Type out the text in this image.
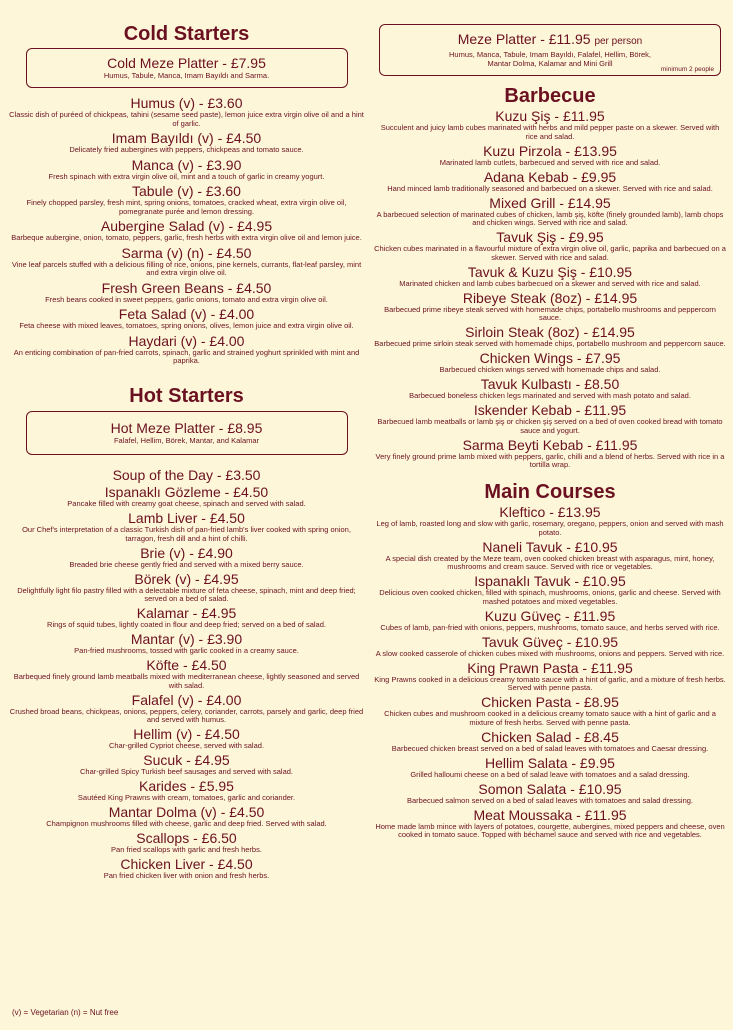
Cold Starters
Cold Meze Platter - £7.95
Humus, Tabule, Manca, Imam Bayıldı and Sarma.
Humus (v) - £3.60
Classic dish of puréed of chickpeas, tahini (sesame seed paste), lemon juice extra virgin olive oil and a hint of garlic.
Imam Bayıldı (v) - £4.50
Delicately fried aubergines with peppers, chickpeas and tomato sauce.
Manca (v) - £3.90
Fresh spinach with extra virgin olive oil, mint and a touch of garlic in creamy yogurt.
Tabule (v) - £3.60
Finely chopped parsley, fresh mint, spring onions, tomatoes, cracked wheat, extra virgin olive oil, pomegranate purée and lemon dressing.
Aubergine Salad (v) - £4.95
Barbeque aubergine, onion, tomato, peppers, garlic, fresh herbs with extra virgin olive oil and lemon juice.
Sarma (v) (n) - £4.50
Vine leaf parcels stuffed with a delicious filling of rice, onions, pine kernels, currants, flat-leaf parsley, mint and extra virgin olive oil.
Fresh Green Beans - £4.50
Fresh beans cooked in sweet peppers, garlic onions, tomato and extra virgin olive oil.
Feta Salad (v) - £4.00
Feta cheese with mixed leaves, tomatoes, spring onions, olives, lemon juice and extra virgin olive oil.
Haydari (v) - £4.00
An enticing combination of pan-fried carrots, spinach, garlic and strained yoghurt sprinkled with mint and paprika.
Hot Starters
Hot Meze Platter - £8.95
Falafel, Hellim, Börek, Mantar, and Kalamar
Soup of the Day - £3.50
Ispanaklı Gözleme - £4.50
Pancake filled with creamy goat cheese, spinach and served with salad.
Lamb Liver - £4.50
Our Chef's interpretation of a classic Turkish dish of pan-fried lamb's liver cooked with spring onion, tarragon, fresh dill and a hint of chilli.
Brie (v) - £4.90
Breaded brie cheese gently fried and served with a mixed berry sauce.
Börek (v) - £4.95
Delightfully light filo pastry filled with a delectable mixture of feta cheese, spinach, mint and deep fried; served on a bed of salad.
Kalamar - £4.95
Rings of squid tubes, lightly coated in flour and deep fried; served on a bed of salad.
Mantar (v) - £3.90
Pan-fried mushrooms, tossed with garlic cooked in a creamy sauce.
Köfte - £4.50
Barbequed finely ground lamb meatballs mixed with mediterranean cheese, lightly seasoned and served with salad.
Falafel (v) - £4.00
Crushed broad beans, chickpeas, onions, peppers, celery, coriander, carrots, parsely and garlic, deep fried and served with humus.
Hellim (v) - £4.50
Char-grilled Cypriot cheese, served with salad.
Sucuk - £4.95
Char-grilled Spicy Turkish beef sausages and served with salad.
Karides - £5.95
Sautéed King Prawns with cream, tomatoes, garlic and coriander.
Mantar Dolma (v) - £4.50
Champignon mushrooms filled with cheese, garlic and deep fried. Served with salad.
Scallops - £6.50
Pan fried scallops with garlic and fresh herbs.
Chicken Liver - £4.50
Pan fried chicken liver with onion and fresh herbs.
Meze Platter - £11.95 per person
Humus, Manca, Tabule, Imam Bayıldı, Falafel, Hellim, Börek, Mantar Dolma, Kalamar and Mini Grill
minimum 2 people
Barbecue
Kuzu Şiş - £11.95
Succulent and juicy lamb cubes marinated with herbs and mild pepper paste on a skewer. Served with rice and salad.
Kuzu Pirzola - £13.95
Marinated lamb cutlets, barbecued and served with rice and salad.
Adana Kebab - £9.95
Hand minced lamb traditionally seasoned and barbecued on a skewer. Served with rice and salad.
Mixed Grill - £14.95
A barbecued selection of marinated cubes of chicken, lamb şiş, köfte (finely grounded lamb), lamb chops and chicken wings. Served with rice and salad.
Tavuk Şiş - £9.95
Chicken cubes marinated in a flavourful mixture of extra virgin olive oil, garlic, paprika and barbecued on a skewer. Served with rice and salad.
Tavuk & Kuzu Şiş - £10.95
Marinated chicken and lamb cubes barbecued on a skewer and served with rice and salad.
Ribeye Steak (8oz) - £14.95
Barbecued prime ribeye steak served with homemade chips, portabello mushrooms and peppercorn sauce.
Sirloin Steak (8oz) - £14.95
Barbecued prime sirloin steak served with homemade chips, portabello mushroom and peppercorn sauce.
Chicken Wings - £7.95
Barbecued chicken wings served with homemade chips and salad.
Tavuk Kulbastı - £8.50
Barbecued boneless chicken legs marinated and served with mash potato and salad.
Iskender Kebab - £11.95
Barbecued lamb meatballs or lamb şiş or chicken şiş served on a bed of oven cooked bread with tomato sauce and yogurt.
Sarma Beyti Kebab - £11.95
Very finely ground prime lamb mixed with peppers, garlic, chilli and a blend of herbs. Served with rice in a tortilla wrap.
Main Courses
Kleftico - £13.95
Leg of lamb, roasted long and slow with garlic, rosemary, oregano, peppers, onion and served with mash potato.
Naneli Tavuk - £10.95
A special dish created by the Meze team, oven cooked chicken breast with asparagus, mint, honey, mushrooms and cream sauce. Served with rice or vegetables.
Ispanaklı Tavuk - £10.95
Delicious oven cooked chicken, filled with spinach, mushrooms, onions, garlic and cheese. Served with mashed potatoes and mixed vegetables.
Kuzu Güveç - £11.95
Cubes of lamb, pan-fried with onions, peppers, mushrooms, tomato sauce, and herbs served with rice.
Tavuk Güveç - £10.95
A slow cooked casserole of chicken cubes mixed with mushrooms, onions and peppers. Served with rice.
King Prawn Pasta - £11.95
King Prawns cooked in a delicious creamy tomato sauce with a hint of garlic, and a mixture of fresh herbs. Served with penne pasta.
Chicken Pasta - £8.95
Chicken cubes and mushroom cooked in a delicious creamy tomato sauce with a hint of garlic and a mixture of fresh herbs. Served with penne pasta.
Chicken Salad - £8.45
Barbecued chicken breast served on a bed of salad leaves with tomatoes and Caesar dressing.
Hellim Salata - £9.95
Grilled halloumi cheese on a bed of salad leave with tomatoes and a salad dressing.
Somon Salata - £10.95
Barbecued salmon served on a bed of salad leaves with tomatoes and salad dressing.
Meat Moussaka - £11.95
Home made lamb mince with layers of potatoes, courgette, aubergines, mixed peppers and cheese, oven cooked in tomato sauce. Topped with béchamel sauce and served with rice and vegetables.
(v) = Vegetarian (n) = Nut free
